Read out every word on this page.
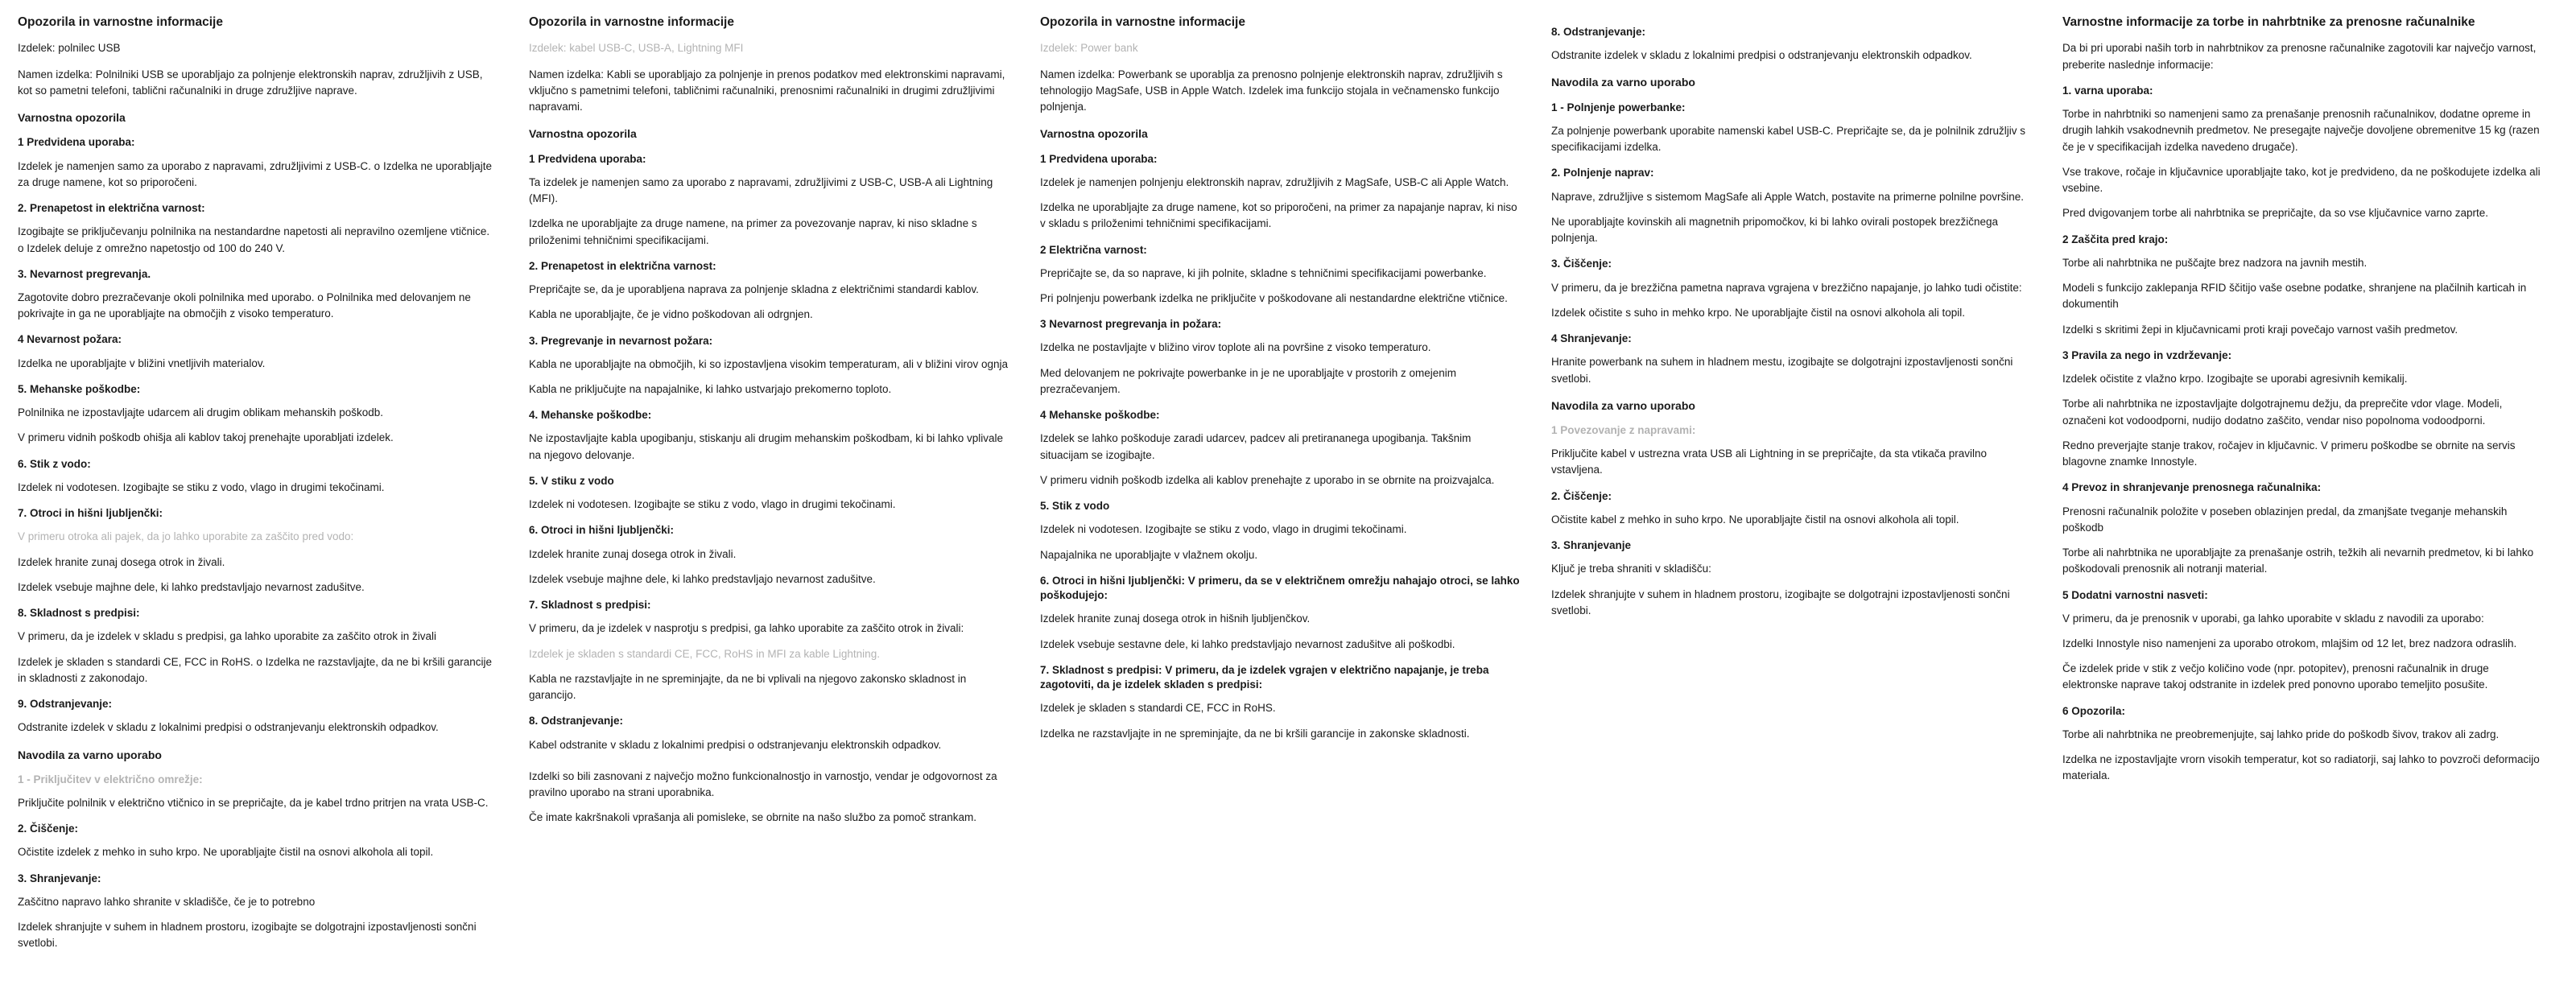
Opozorila in varnostne informacije

Izdelek: polnilec USB

Namen izdelka: Polnilniki USB se uporabljajo za polnjenje elektronskih naprav, združljivih z USB, kot so pametni telefoni, tablični računalniki in druge združljive naprave.

Varnostna opozorila
1 Predvidena uporaba:

Izdelek je namenjen samo za uporabo z napravami, združljivimi z USB-C. o Izdelka ne uporabljajte za druge namene, kot so priporočeni.

2. Prenapetost in električna varnost:

Izogibajte se priključevanju polnilnika na nestandardne napetosti ali nepravilno ozemljene vtičnice. o Izdelek deluje z omrežno napetostjo od 100 do 240 V.

3. Nevarnost pregrevanja.

Zagotovite dobro prezračevanje okoli polnilnika med uporabo. o Polnilnika med delovanjem ne pokrivajte in ga ne uporabljajte na območjih z visoko temperaturo.

4 Nevarnost požara:

Izdelka ne uporabljajte v bližini vnetljivih materialov.

5. Mehanske poškodbe:

Polnilnika ne izpostavljajte udarcem ali drugim oblikam mehanskih poškodb.

V primeru vidnih poškodb ohišja ali kablov takoj prenehajte uporabljati izdelek.

6. Stik z vodo:

Izdelek ni vodotesen. Izogibajte se stiku z vodo, vlago in drugimi tekočinami.

7. Otroci in hišni ljubljenčki:

V primeru otroka ali pajek, da jo lahko uporabite za zaščito pred vodo:

Izdelek hranite zunaj dosega otrok in živali.

Izdelek vsebuje majhne dele, ki lahko predstavljajo nevarnost zadušitve.

8. Skladnost s predpisi:

V primeru, da je izdelek v skladu s predpisi, ga lahko uporabite za zaščito otrok in živali

Izdelek je skladen s standardi CE, FCC in RoHS. o Izdelka ne razstavljajte, da ne bi kršili garancije in skladnosti z zakonodajo.

9. Odstranjevanje:

Odstranite izdelek v skladu z lokalnimi predpisi o odstranjevanju elektronskih odpadkov.

Navodila za varno uporabo
1 - Priključitev v električno omrežje:

Priključite polnilnik v električno vtičnico in se prepričajte, da je kabel trdno pritrjen na vrata USB-C.

2. Čiščenje:

Očistite izdelek z mehko in suho krpo. Ne uporabljajte čistil na osnovi alkohola ali topil.

3. Shranjevanje:

Zaščitno napravo lahko shranite v skladišče, če je to potrebno

Izdelek shranjujte v suhem in hladnem prostoru, izogibajte se dolgotrajni izpostavljenosti sončni svetlobi.

Opozorila in varnostne informacije

Izdelek: kabel USB-C, USB-A, Lightning MFI

Namen izdelka: Kabli se uporabljajo za polnjenje in prenos podatkov med elektronskimi napravami, vključno s pametnimi telefoni, tabličnimi računalniki, prenosnimi računalniki in drugimi združljivimi napravami.

Varnostna opozorila
1 Predvidena uporaba:

Ta izdelek je namenjen samo za uporabo z napravami, združljivimi z USB-C, USB-A ali Lightning (MFI).

Izdelka ne uporabljajte za druge namene, na primer za povezovanje naprav, ki niso skladne s priloženimi tehničnimi specifikacijami.

2. Prenapetost in električna varnost:

Prepričajte se, da je uporabljena naprava za polnjenje skladna z električnimi standardi kablov.

Kabla ne uporabljajte, če je vidno poškodovan ali odrgnjen.

3. Pregrevanje in nevarnost požara:

Kabla ne uporabljajte na območjih, ki so izpostavljena visokim temperaturam, ali v bližini virov ognja

Kabla ne priključujte na napajalnike, ki lahko ustvarjajo prekomerno toploto.

4. Mehanske poškodbe:

Ne izpostavljajte kabla upogibanju, stiskanju ali drugim mehanskim poškodbam, ki bi lahko vplivale na njegovo delovanje.

5. V stiku z vodo

Izdelek ni vodotesen. Izogibajte se stiku z vodo, vlago in drugimi tekočinami.

6. Otroci in hišni ljubljenčki:

Izdelek hranite zunaj dosega otrok in živali.

Izdelek vsebuje majhne dele, ki lahko predstavljajo nevarnost zadušitve.

7. Skladnost s predpisi:

V primeru, da je izdelek v nasprotju s predpisi, ga lahko uporabite za zaščito otrok in živali:

Izdelek je skladen s standardi CE, FCC, RoHS in MFI za kable Lightning.

Kabla ne razstavljajte in ne spreminjajte, da ne bi vplivali na njegovo zakonsko skladnost in garancijo.

8. Odstranjevanje:

Kabel odstranite v skladu z lokalnimi predpisi o odstranjevanju elektronskih odpadkov.

Izdelki so bili zasnovani z največjo možno funkcionalnostjo in varnostjo, vendar je odgovornost za pravilno uporabo na strani uporabnika.

Če imate kakršnakoli vprašanja ali pomisleke, se obrnite na našo službo za pomoč strankam.

Opozorila in varnostne informacije

Izdelek: Power bank

Namen izdelka: Powerbank se uporablja za prenosno polnjenje elektronskih naprav, združljivih s tehnologijo MagSafe, USB in Apple Watch. Izdelek ima funkcijo stojala in večnamensko funkcijo polnjenja.

Varnostna opozorila
1 Predvidena uporaba:

Izdelek je namenjen polnjenju elektronskih naprav, združljivih z MagSafe, USB-C ali Apple Watch.

Izdelka ne uporabljajte za druge namene, kot so priporočeni, na primer za napajanje naprav, ki niso v skladu s priloženimi tehničnimi specifikacijami.

2 Električna varnost:

Prepričajte se, da so naprave, ki jih polnite, skladne s tehničnimi specifikacijami powerbanke.

Pri polnjenju powerbank izdelka ne priključite v poškodovane ali nestandardne električne vtičnice.

3 Nevarnost pregrevanja in požara:

Izdelka ne postavljajte v bližino virov toplote ali na površine z visoko temperaturo.

Med delovanjem ne pokrivajte powerbanke in je ne uporabljajte v prostorih z omejenim prezračevanjem.

4 Mehanske poškodbe:

Izdelek se lahko poškoduje zaradi udarcev, padcev ali pretirananega upogibanja. Takšnim situacijam se izogibajte.

V primeru vidnih poškodb izdelka ali kablov prenehajte z uporabo in se obrnite na proizvajalca.

5. Stik z vodo

Izdelek ni vodotesen. Izogibajte se stiku z vodo, vlago in drugimi tekočinami.

Napajalnika ne uporabljajte v vlažnem okolju.

6. Otroci in hišni ljubljenčki: V primeru, da se v električnem omrežju nahajajo otroci, se lahko poškodujejo:

Izdelek hranite zunaj dosega otrok in hišnih ljubljenčkov.

Izdelek vsebuje sestavne dele, ki lahko predstavljajo nevarnost zadušitve ali poškodbi.

7. Skladnost s predpisi: V primeru, da je izdelek vgrajen v električno napajanje, je treba zagotoviti, da je izdelek skladen s predpisi:

Izdelek je skladen s standardi CE, FCC in RoHS.

Izdelka ne razstavljajte in ne spreminjajte, da ne bi kršili garancije in zakonske skladnosti.

8. Odstranjevanje:

Odstranite izdelek v skladu z lokalnimi predpisi o odstranjevanju elektronskih odpadkov.

Navodila za varno uporabo
1 - Polnjenje powerbanke:

Za polnjenje powerbank uporabite namenski kabel USB-C. Prepričajte se, da je polnilnik združljiv s specifikacijami izdelka.

2. Polnjenje naprav:

Naprave, združljive s sistemom MagSafe ali Apple Watch, postavite na primerne polnilne površine.

Ne uporabljajte kovinskih ali magnetnih pripomočkov, ki bi lahko ovirali postopek brezžičnega polnjenja.

3. Čiščenje:

V primeru, da je brezžična pametna naprava vgrajena v brezžično napajanje, jo lahko tudi očistite:

Izdelek očistite s suho in mehko krpo. Ne uporabljajte čistil na osnovi alkohola ali topil.

4 Shranjevanje:

Hranite powerbank na suhem in hladnem mestu, izogibajte se dolgotrajni izpostavljenosti sončni svetlobi.

Navodila za varno uporabo
1 Povezovanje z napravami:

Priključite kabel v ustrezna vrata USB ali Lightning in se prepričajte, da sta vtikača pravilno vstavljena.

2. Čiščenje:

Očistite kabel z mehko in suho krpo. Ne uporabljajte čistil na osnovi alkohola ali topil.

3. Shranjevanje

Ključ je treba shraniti v skladišču:

Izdelek shranjujte v suhem in hladnem prostoru, izogibajte se dolgotrajni izpostavljenosti sončni svetlobi.

Varnostne informacije za torbe in nahrbtnike za prenosne računalnike

Da bi pri uporabi naših torb in nahrbtnikov za prenosne računalnike zagotovili kar največjo varnost, preberite naslednje informacije:

1. varna uporaba:

Torbe in nahrbtniki so namenjeni samo za prenašanje prenosnih računalnikov, dodatne opreme in drugih lahkih vsakodnevnih predmetov. Ne presegajte največje dovoljene obremenitve 15 kg (razen če je v specifikacijah izdelka navedeno drugače).

Vse trakove, ročaje in ključavnice uporabljajte tako, kot je predvideno, da ne poškodujete izdelka ali vsebine.

Pred dvigovanjem torbe ali nahrbtnika se prepričajte, da so vse ključavnice varno zaprte.

2 Zaščita pred krajo:

Torbe ali nahrbtnika ne puščajte brez nadzora na javnih mestih.

Modeli s funkcijo zaklepanja RFID ščitijo vaše osebne podatke, shranjene na plačilnih karticah in dokumentih

Izdelki s skritimi žepi in ključavnicami proti kraji povečajo varnost vaših predmetov.

3 Pravila za nego in vzdrževanje:

Izdelek očistite z vlažno krpo. Izogibajte se uporabi agresivnih kemikalij.

Torbe ali nahrbtnika ne izpostavljajte dolgotrajnemu dežju, da preprečite vdor vlage. Modeli, označeni kot vodoodporni, nudijo dodatno zaščito, vendar niso popolnoma vodoodporni.

Redno preverjajte stanje trakov, ročajev in ključavnic. V primeru poškodbe se obrnite na servis blagovne znamke Innostyle.

4 Prevoz in shranjevanje prenosnega računalnika:

Prenosni računalnik položite v poseben oblazinjen predal, da zmanjšate tveganje mehanskih poškodb

Torbe ali nahrbtnika ne uporabljajte za prenašanje ostrih, težkih ali nevarnih predmetov, ki bi lahko poškodovali prenosnik ali notranji material.

5 Dodatni varnostni nasveti:

V primeru, da je prenosnik v uporabi, ga lahko uporabite v skladu z navodili za uporabo:

Izdelki Innostyle niso namenjeni za uporabo otrokom, mlajšim od 12 let, brez nadzora odraslih.

Če izdelek pride v stik z večjo količino vode (npr. potopitev), prenosni računalnik in druge elektronske naprave takoj odstranite in izdelek pred ponovno uporabo temeljito posušite.

6 Opozorila:

Torbe ali nahrbtnika ne preobremenjujte, saj lahko pride do poškodb šivov, trakov ali zadrg.

Izdelka ne izpostavljajte vrorn visokih temperatur, kot so radiatorji, saj lahko to povzroči deformacijo materiala.
